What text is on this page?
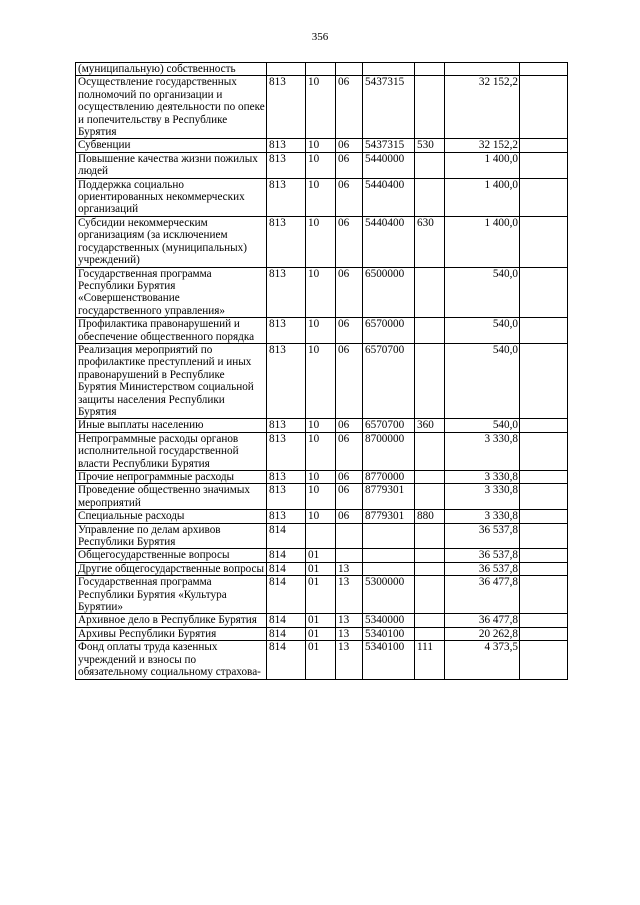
356
(муниципальную) собственность							
Осуществление государственных полномочий по организации и осуществлению деятельности по опеке и попечительству в Республике Бурятия	813	10	06	5437315		32 152,2	
Субвенции	813	10	06	5437315	530	32 152,2	
Повышение качества жизни пожилых людей	813	10	06	5440000		1 400,0	
Поддержка социально ориентированных некоммерческих организаций	813	10	06	5440400		1 400,0	
Субсидии некоммерческим организациям (за исключением государственных (муниципальных) учреждений)	813	10	06	5440400	630	1 400,0	
Государственная программа Республики Бурятия «Совершенствование государственного управления»	813	10	06	6500000		540,0	
Профилактика правонарушений и обеспечение общественного порядка	813	10	06	6570000		540,0	
Реализация мероприятий по профилактике преступлений и иных правонарушений в Республике Бурятия Министерством социальной защиты населения Республики Бурятия	813	10	06	6570700		540,0	
Иные выплаты населению	813	10	06	6570700	360	540,0	
Непрограммные расходы органов исполнительной государственной власти Республики Бурятия	813	10	06	8700000		3 330,8	
Прочие непрограммные расходы	813	10	06	8770000		3 330,8	
Проведение общественно значимых мероприятий	813	10	06	8779301		3 330,8	
Специальные расходы	813	10	06	8779301	880	3 330,8	
Управление по делам архивов Республики Бурятия	814					36 537,8	
Общегосударственные вопросы	814	01				36 537,8	
Другие общегосударственные вопросы	814	01	13			36 537,8	
Государственная программа Республики Бурятия «Культура Бурятии»	814	01	13	5300000		36 477,8	
Архивное дело в Республике Бурятия	814	01	13	5340000		36 477,8	
Архивы Республики Бурятия	814	01	13	5340100		20 262,8	
Фонд оплаты труда казенных учреждений и взносы по обязательному социальному страхова-	814	01	13	5340100	111	4 373,5	
